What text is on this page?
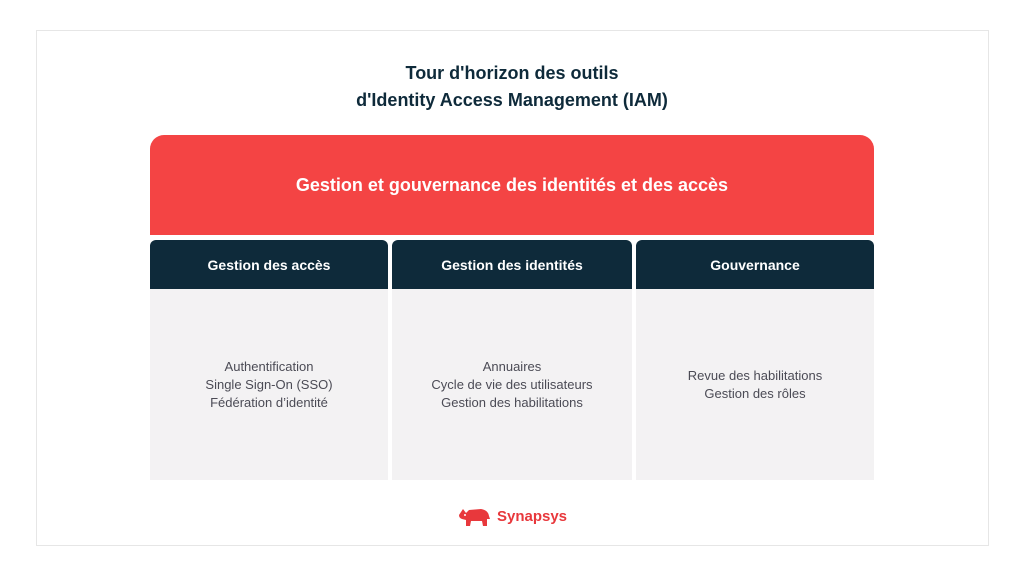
Tour d'horizon des outils
d'Identity Access Management (IAM)
Gestion et gouvernance des identités et des accès
Gestion des accès
Authentification
Single Sign-On (SSO)
Fédération d’identité
Gestion des identités
Annuaires
Cycle de vie des utilisateurs
Gestion des habilitations
Gouvernance
Revue des habilitations
Gestion des rôles
Synapsys
